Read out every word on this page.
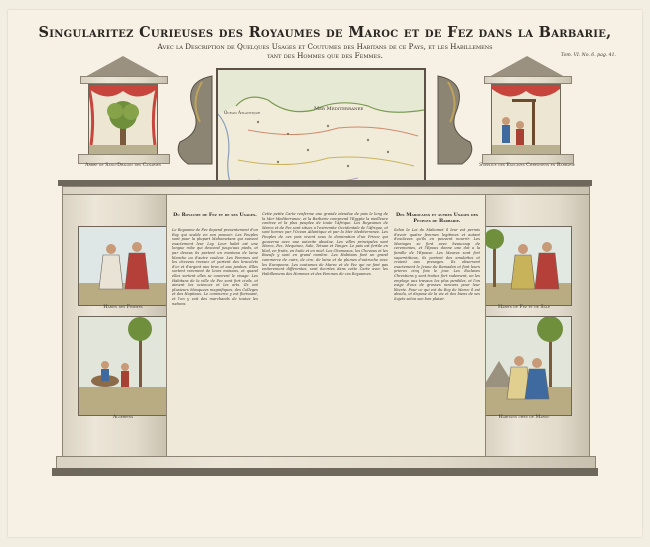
Singularitez Curieuses des Royaumes de Maroc et de Fez dans la Barbarie,
Avec la Description de Quelques Usages et Coutumes des Habitans de ce Pays, et les Habillemens
tant des Hommes que des Femmes.	Tom. VI. No. 6. pag. 41.
Arbre de Sang-Dragon des Canaries	Supplice des Esclaves Chrestiens en Barbarie
Mer Mediterranee
Ocean Atlantique
Habits des Femmes
Algeriens
Habits de Fez et de Sale
Habitans chez de Maroc
Du Royaume de Fez et de ses Usages.
Le Royaume de Fez depend presentement d'un Roy qui scalde en son pouvoir. Les Peuples sont pour la plupart Mahometans qui suivent exactement leur Loy. Leur habit est une longue robe qui descend jusqu'aux pieds, et par dessus ils portent un manteau de laine blanche ou d'autre couleur. Les Femmes ont les cheveux tressez et portent des bracelets d'or et d'argent aux bras et aux jambes. Elles sortent rarement de leurs maisons, et quand elles sortent elles se couvrent le visage. Les Habitans de la ville de Fez sont fort civils, et aiment les sciences et les arts. Ils ont plusieurs Mosquees magnifiques, des Colleges et des Hopitaux. Le commerce y est florissant, et l'on y voit des marchands de toutes les nations.
Cette petite Carte renferme une grande etendue de pais le long de la Mer Mediterranee, et la Barbarie comprend l'Egypte la meilleure contree et la plus peuplee de toute l'Afrique. Les Royaumes de Maroc et de Fez sont situez a l'extremite Occidentale de l'Afrique, et sont bornez par l'Ocean Atlantique et par la Mer Mediterranee. Les Peuples de ces pais vivent sous la domination d'un Prince qui gouverne avec une autorite absolue. Les villes principales sont Maroc, Fez, Mequinez, Sale, Tetuan et Tanger. Le pais est fertile en bled, en fruits, en huile et en miel. Les Chameaux, les Chevaux et les Boeufs y sont en grand nombre. Les Habitans font un grand commerce de cuirs, de cire, de laine et de plumes d'autruche avec les Europeens. Les coutumes de Maroc et de Fez qui ne font pas entierement differentes, sont decrites dans cette Carte avec les Habillemens des Hommes et des Femmes de ces Royaumes.
Des Marocains et autres Usages des Peuples de Barbarie.
Selon la Loi de Mahomet il leur est permis d'avoir quatre femmes legitimes et autant d'esclaves qu'ils en peuvent nourrir. Les Mariages se font avec beaucoup de ceremonies, et l'Epoux donne une dot a la famille de l'Epouse. Les Maures sont fort superstitieux, ils portent des amulettes et croient aux presages. Ils observent exactement le Jeune du Ramadan et font leurs prieres cinq fois le jour. Les Esclaves Chrestiens y sont traitez fort rudement, on les employe aux travaux les plus penibles, et l'on exige d'eux de grosses rancons pour leur liberte. Pour ce qui est du Roy de Maroc il est absolu, et dispose de la vie et des biens de ses Sujets selon son bon plaisir.
